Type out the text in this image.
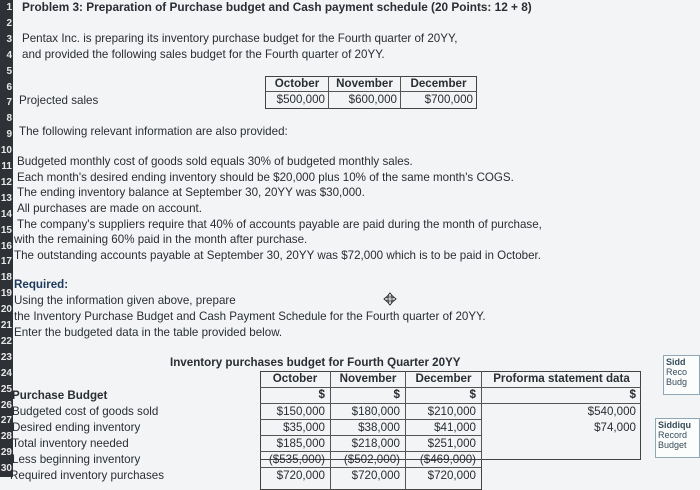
1
2
3
4
5
6
7
8
9
10
11
12
13
14
15
16
17
18
19
20
21
22
23
24
25
26
27
28
29
30
Problem 3: Preparation of Purchase budget and Cash payment schedule (20 Points: 12 + 8)
Pentax Inc. is preparing its inventory purchase budget for the Fourth quarter of 20YY,
and provided the following sales budget for the Fourth quarter of 20YY.
October	November	December
Projected sales	$500,000	$600,000	$700,000
The following relevant information are also provided:
Budgeted monthly cost of goods sold equals 30% of budgeted monthly sales.
Each month's desired ending inventory should be $20,000 plus 10% of the same month's COGS.
The ending inventory balance at September 30, 20YY was $30,000.
All purchases are made on account.
The company's suppliers require that 40% of accounts payable are paid during the month of purchase,
with the remaining 60% paid in the month after purchase.
The outstanding accounts payable at September 30, 20YY was $72,000 which is to be paid in October.
Required:
Using the information given above, prepare
the Inventory Purchase Budget and Cash Payment Schedule for the Fourth quarter of 20YY.
Enter the budgeted data in the table provided below.
Inventory purchases budget for Fourth Quarter 20YY
October	November	December	Proforma statement data
$	$	$	$
Purchase Budget
Budgeted cost of goods sold	$150,000	$180,000	$210,000	$540,000
Desired ending inventory	$35,000	$38,000	$41,000	$74,000
Total inventory needed	$185,000	$218,000	$251,000
Less beginning inventory	($535,000)	($502,000)	($469,000)
Required inventory purchases	$720,000	$720,000	$720,000
Sidd
Reco
Budg
Siddiqu
Record
Budget
